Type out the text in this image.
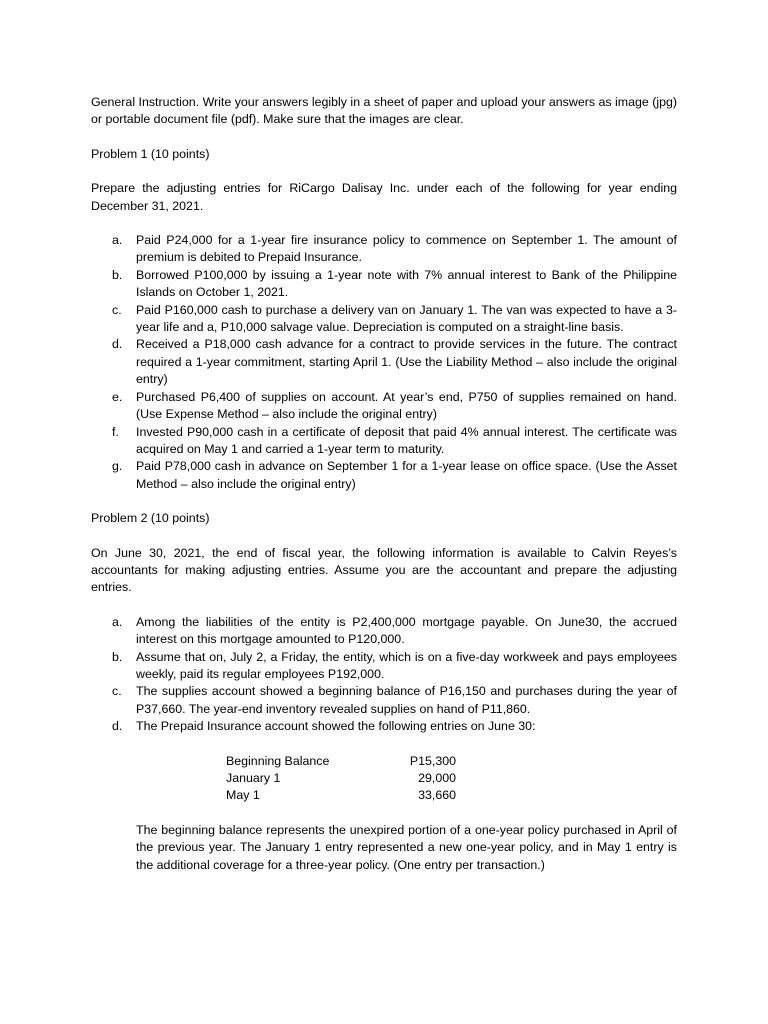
General Instruction. Write your answers legibly in a sheet of paper and upload your answers as image (jpg) or portable document file (pdf). Make sure that the images are clear.

Problem 1 (10 points)

Prepare the adjusting entries for RiCargo Dalisay Inc. under each of the following for year ending December 31, 2021.

a. Paid P24,000 for a 1-year fire insurance policy to commence on September 1. The amount of premium is debited to Prepaid Insurance.
b. Borrowed P100,000 by issuing a 1-year note with 7% annual interest to Bank of the Philippine Islands on October 1, 2021.
c. Paid P160,000 cash to purchase a delivery van on January 1. The van was expected to have a 3-year life and a, P10,000 salvage value. Depreciation is computed on a straight-line basis.
d. Received a P18,000 cash advance for a contract to provide services in the future. The contract required a 1-year commitment, starting April 1. (Use the Liability Method – also include the original entry)
e. Purchased P6,400 of supplies on account. At year’s end, P750 of supplies remained on hand. (Use Expense Method – also include the original entry)
f. Invested P90,000 cash in a certificate of deposit that paid 4% annual interest. The certificate was acquired on May 1 and carried a 1-year term to maturity.
g. Paid P78,000 cash in advance on September 1 for a 1-year lease on office space. (Use the Asset Method – also include the original entry)

Problem 2 (10 points)

On June 30, 2021, the end of fiscal year, the following information is available to Calvin Reyes’s accountants for making adjusting entries. Assume you are the accountant and prepare the adjusting entries.

a. Among the liabilities of the entity is P2,400,000 mortgage payable. On June30, the accrued interest on this mortgage amounted to P120,000.
b. Assume that on, July 2, a Friday, the entity, which is on a five-day workweek and pays employees weekly, paid its regular employees P192,000.
c. The supplies account showed a beginning balance of P16,150 and purchases during the year of P37,660. The year-end inventory revealed supplies on hand of P11,860.
d. The Prepaid Insurance account showed the following entries on June 30:
Beginning Balance	P15,300
January 1	29,000
May 1	33,660

The beginning balance represents the unexpired portion of a one-year policy purchased in April of the previous year. The January 1 entry represented a new one-year policy, and in May 1 entry is the additional coverage for a three-year policy. (One entry per transaction.)
